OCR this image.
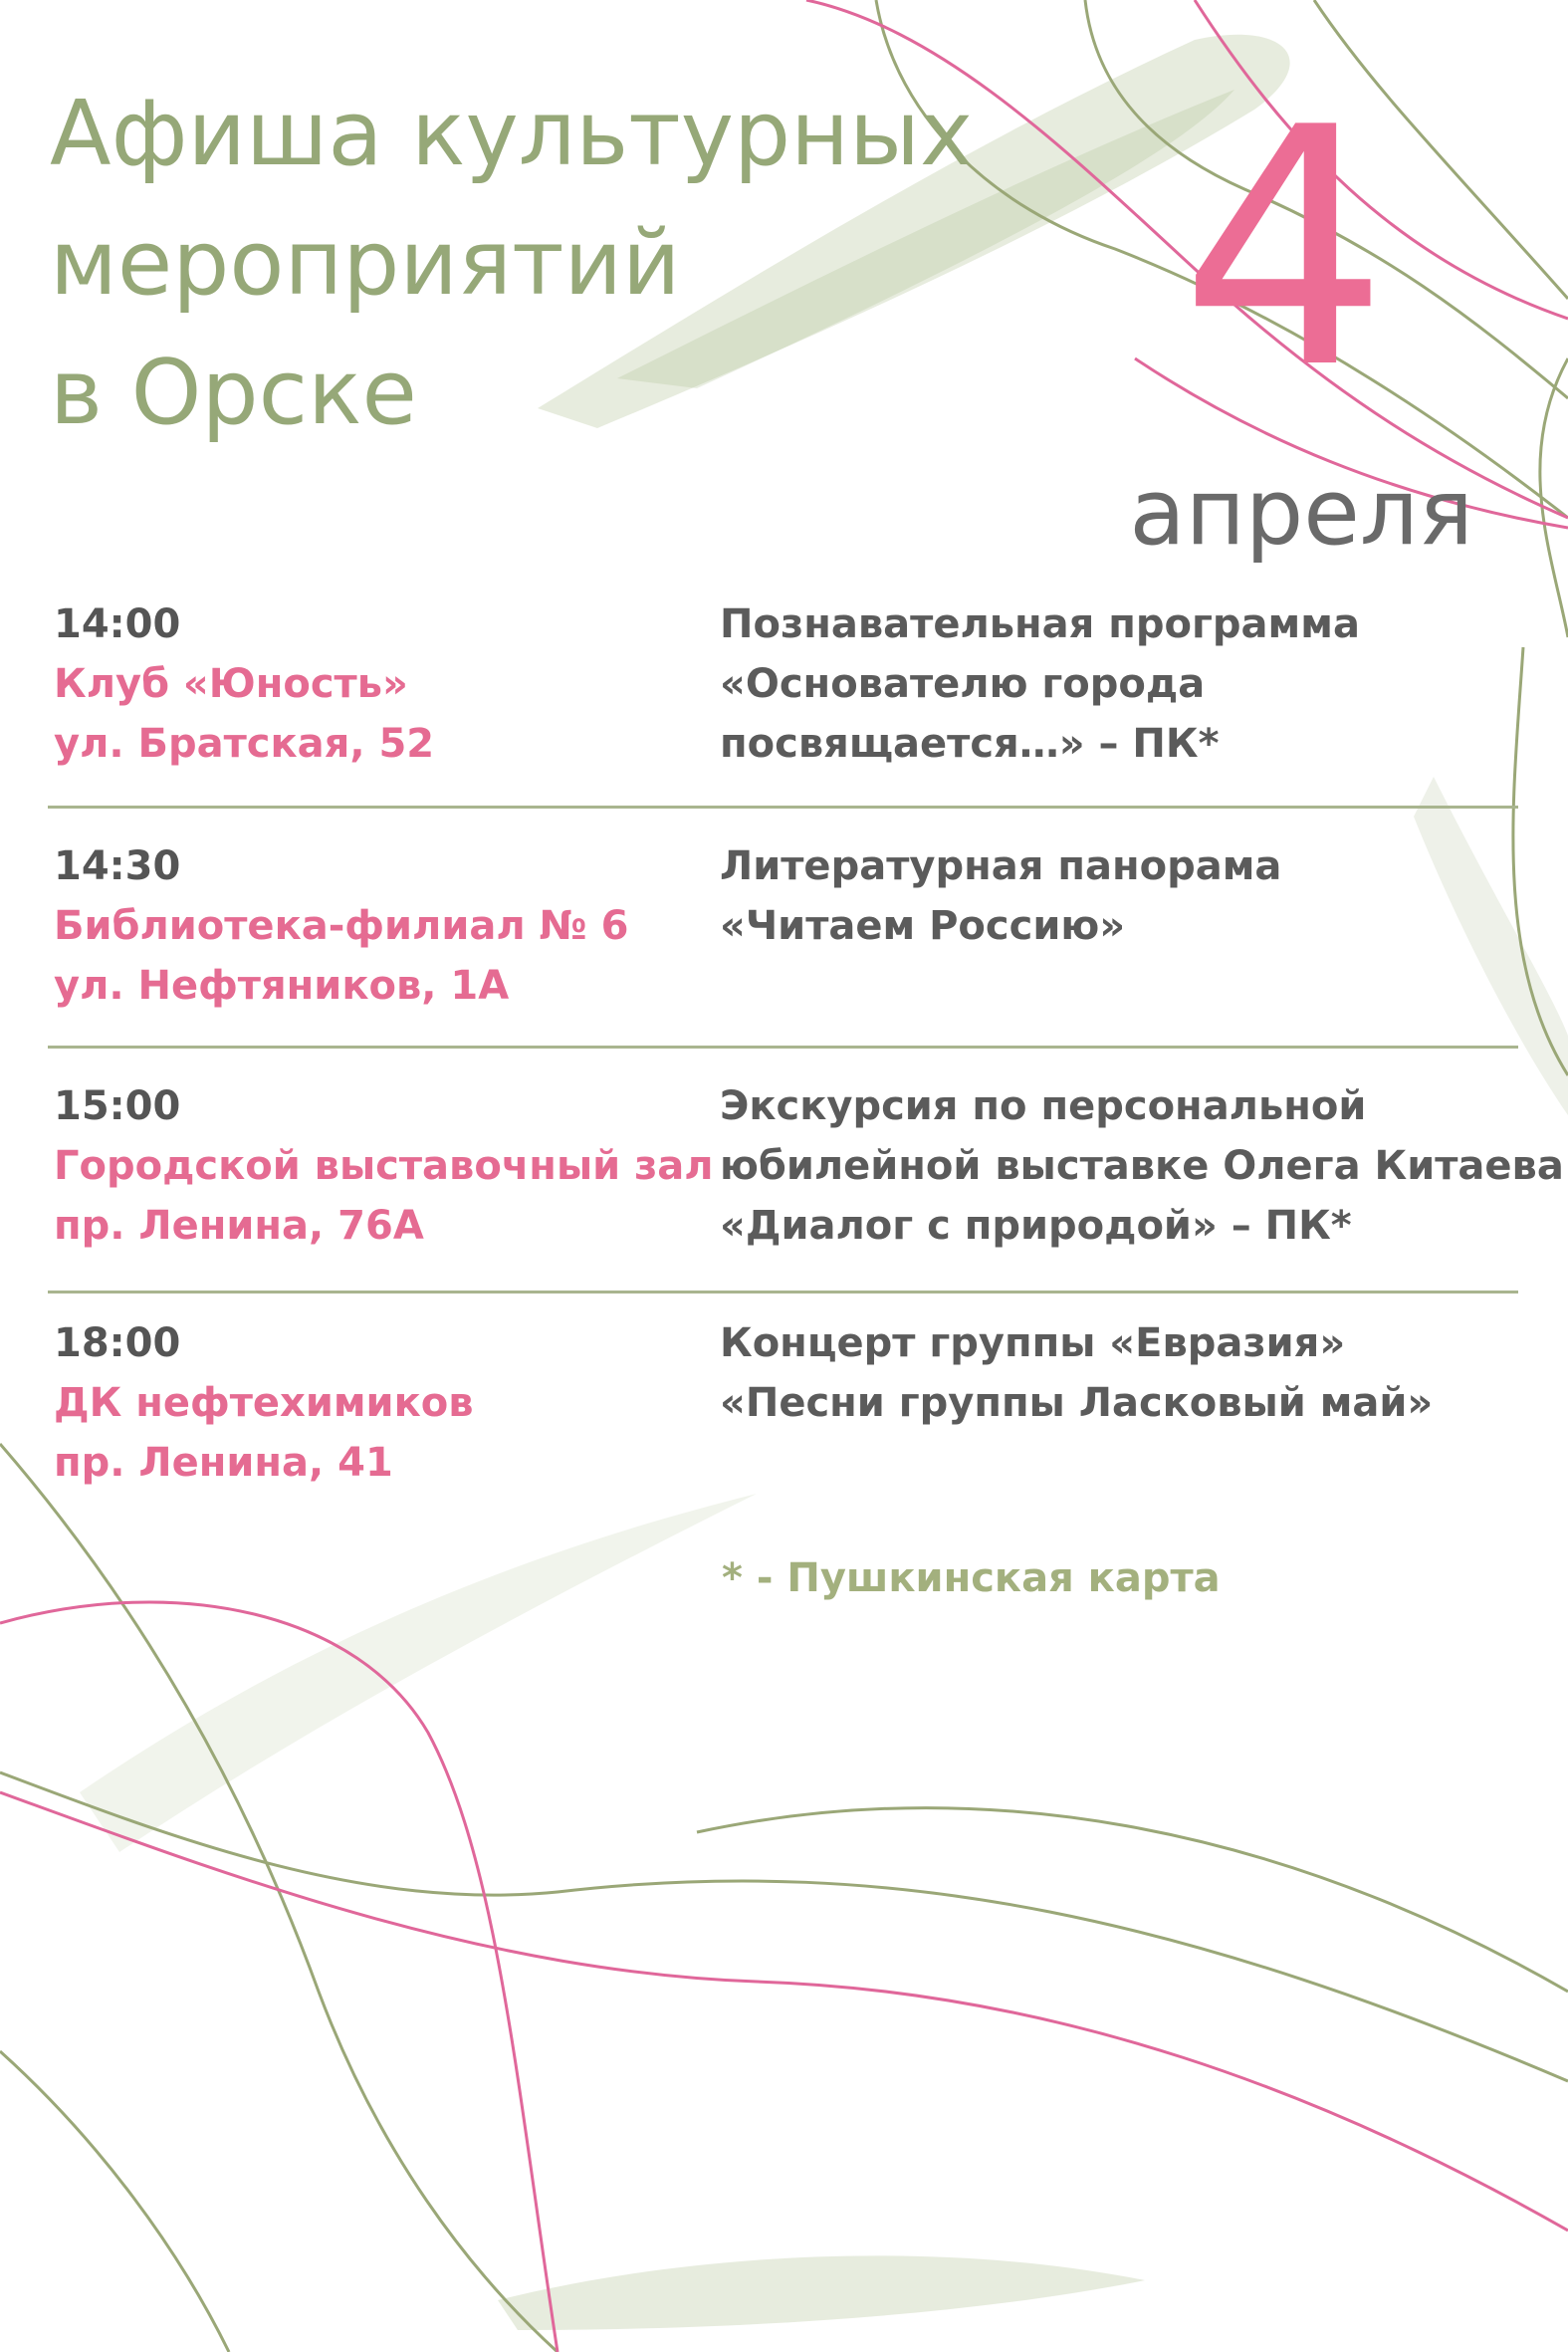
Афиша культурных
мероприятий
в Орске	4
апреля
14:00
Клуб «Юность»
ул. Братская, 52
Познавательная программа
«Основателю города
посвящается…» – ПК*
14:30
Библиотека-филиал № 6
ул. Нефтяников, 1А
Литературная панорама
«Читаем Россию»
15:00
Городской выставочный зал
пр. Ленина, 76А
Экскурсия по персональной
юбилейной выставке Олега Китаева
«Диалог с природой» – ПК*
18:00
ДК нефтехимиков
пр. Ленина, 41
Концерт группы «Евразия»
«Песни группы Ласковый май»
* - Пушкинская карта
